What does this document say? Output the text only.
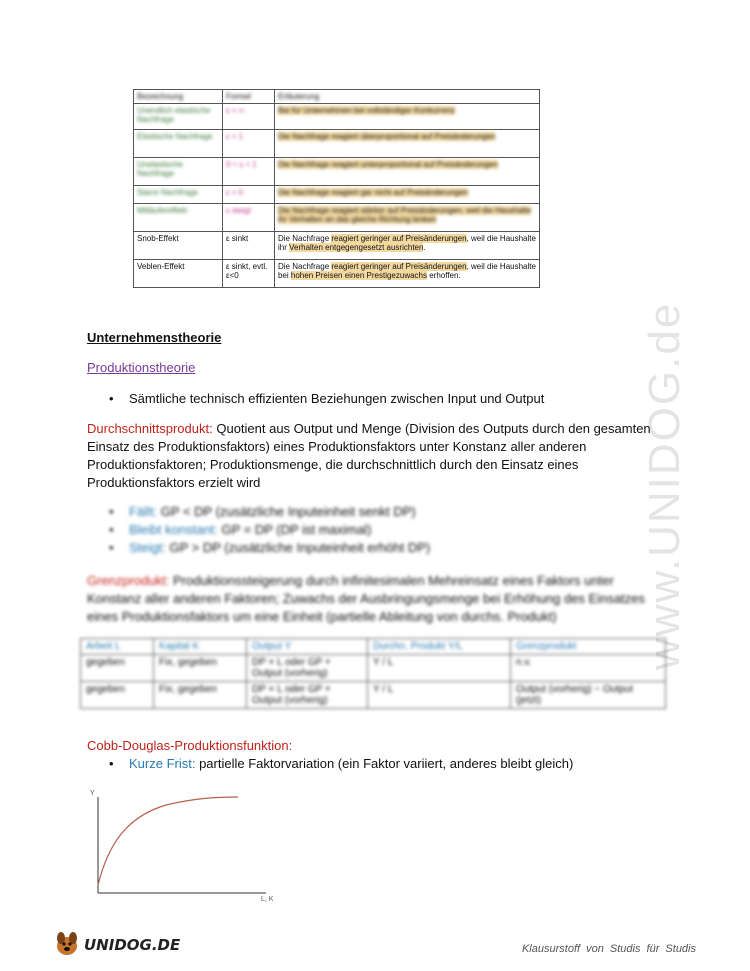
www.UNIDOG.de
Bezeichnung	Formel	Erläuterung
Unendlich elastische Nachfrage	ε = ∞	Bei für Unternehmen bei vollständiger Konkurrenz
Elastische Nachfrage	ε > 1	Die Nachfrage reagiert überproportional auf Preisänderungen
Unelastische Nachfrage	0 < ε < 1	Die Nachfrage reagiert unterproportional auf Preisänderungen
Starre Nachfrage	ε = 0	Die Nachfrage reagiert gar nicht auf Preisänderungen
Mitläufereffekt	ε steigt	Die Nachfrage reagiert stärker auf Preisänderungen, weil die Haushalte ihr Verhalten an das gleiche Richtung lenken
Snob-Effekt	ε sinkt	Die Nachfrage reagiert geringer auf Preisänderungen, weil die Haushalte ihr Verhalten entgegengesetzt ausrichten.
Veblen-Effekt	ε sinkt, evtl. ε<0	Die Nachfrage reagiert geringer auf Preisänderungen, weil die Haushalte bei hohen Preisen einen Prestigezuwachs erhoffen.
Unternehmenstheorie
Produktionstheorie
• Sämtliche technisch effizienten Beziehungen zwischen Input und Output
Durchschnittsprodukt: Quotient aus Output und Menge (Division des Outputs durch den gesamten Einsatz des Produktionsfaktors) eines Produktionsfaktors unter Konstanz aller anderen Produktionsfaktoren; Produktionsmenge, die durchschnittlich durch den Einsatz eines Produktionsfaktors erzielt wird
• Fällt: GP < DP (zusätzliche Inputeinheit senkt DP)
• Bleibt konstant: GP = DP (DP ist maximal)
• Steigt: GP > DP (zusätzliche Inputeinheit erhöht DP)
Grenzprodukt: Produktionssteigerung durch infinitesimalen Mehreinsatz eines Faktors unter Konstanz aller anderen Faktoren; Zuwachs der Ausbringungsmenge bei Erhöhung des Einsatzes eines Produktionsfaktors um eine Einheit (partielle Ableitung von durchs. Produkt)
Arbeit L	Kapital K	Output Y	Durchn. Produkt Y/L	Grenzprodukt
gegeben	Fix, gegeben	DP × L oder GP + Output (vorherig)	Y / L	n.v.
gegeben	Fix, gegeben	DP × L oder GP + Output (vorherig)	Y / L	Output (vorherig) − Output (jetzt)
Cobb-Douglas-Produktionsfunktion:
• Kurze Frist: partielle Faktorvariation (ein Faktor variiert, anderes bleibt gleich)
Y
L, K
UNIDOG.DE	Klausurstoff von Studis für Studis
